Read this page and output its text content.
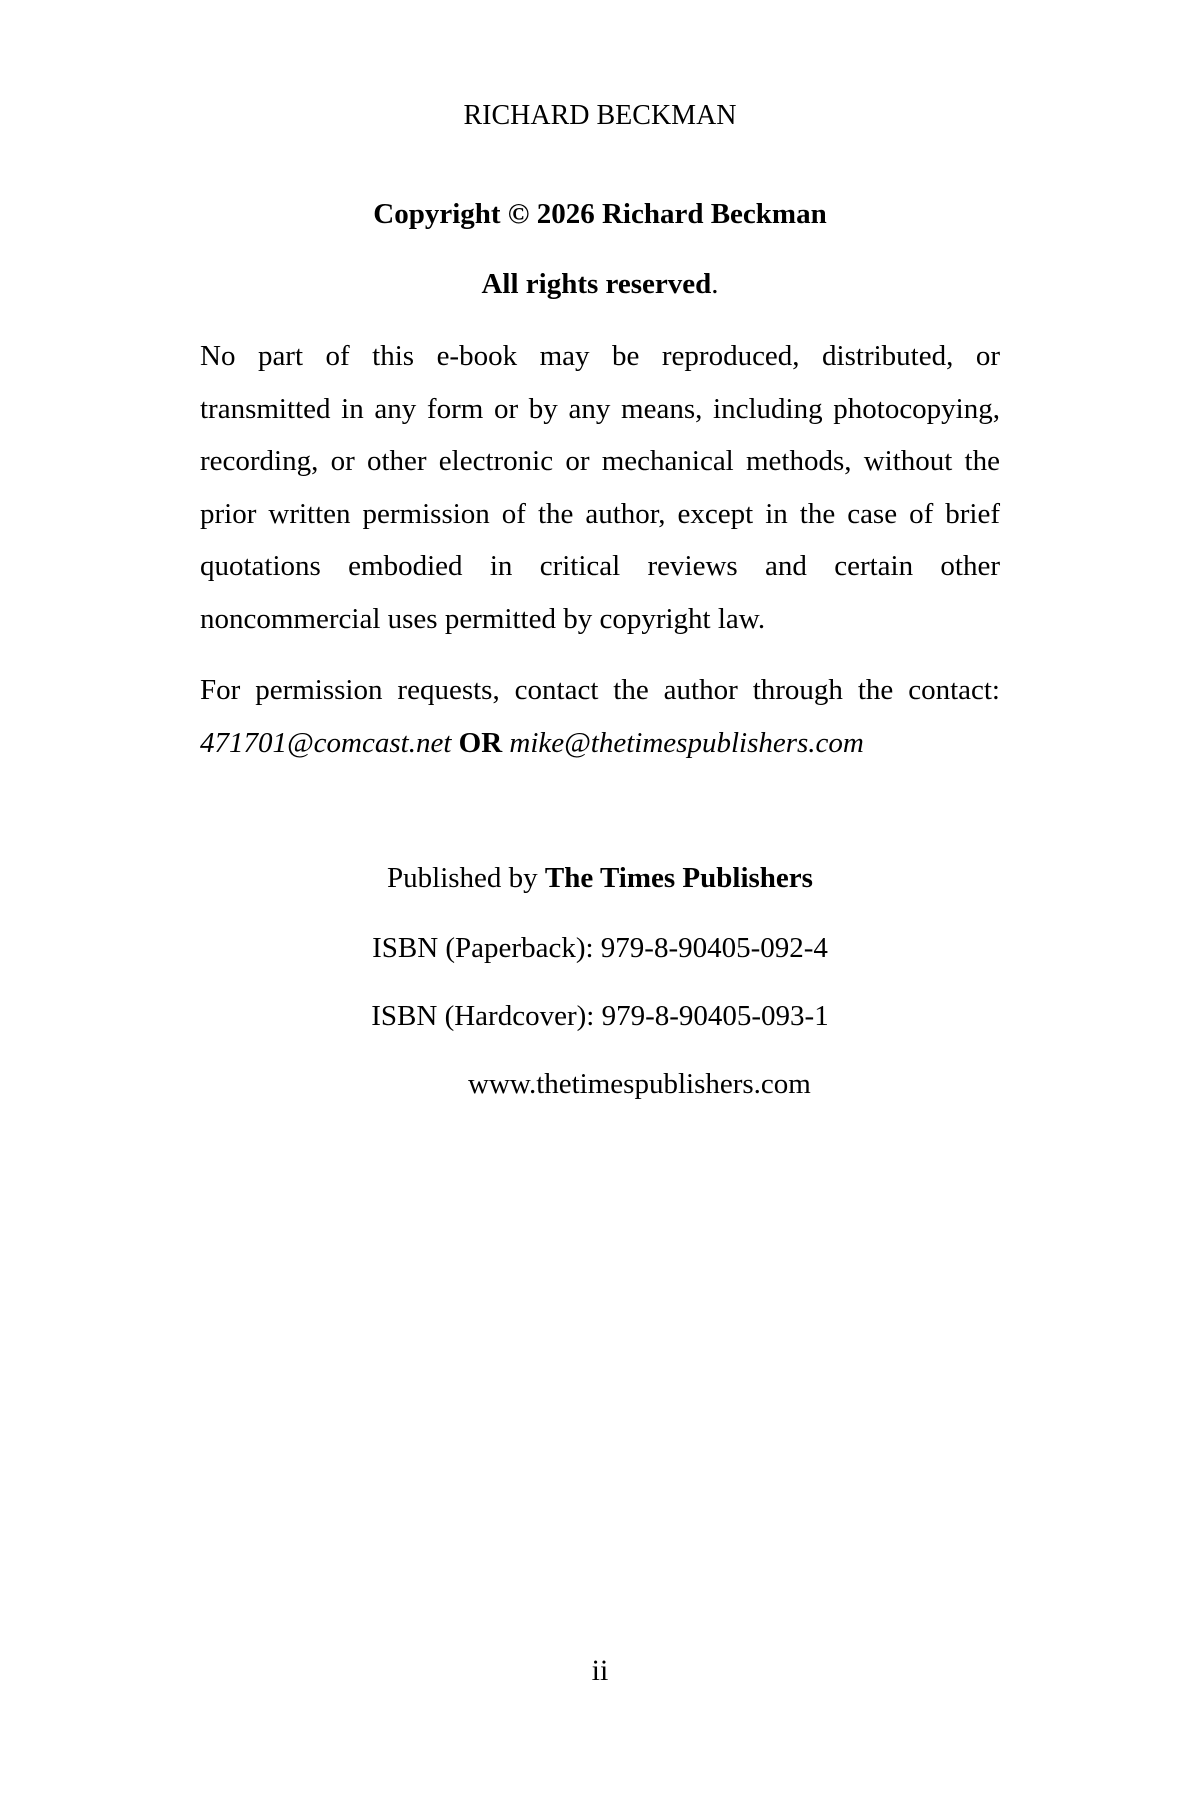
RICHARD BECKMAN
Copyright © 2026 Richard Beckman
All rights reserved.
No part of this e-book may be reproduced, distributed, or transmitted in any form or by any means, including photocopying, recording, or other electronic or mechanical methods, without the prior written permission of the author, except in the case of brief quotations embodied in critical reviews and certain other noncommercial uses permitted by copyright law.
For permission requests, contact the author through the contact: 471701@comcast.net OR mike@thetimespublishers.com
Published by The Times Publishers
ISBN (Paperback): 979-8-90405-092-4
ISBN (Hardcover): 979-8-90405-093-1
www.thetimespublishers.com
ii
